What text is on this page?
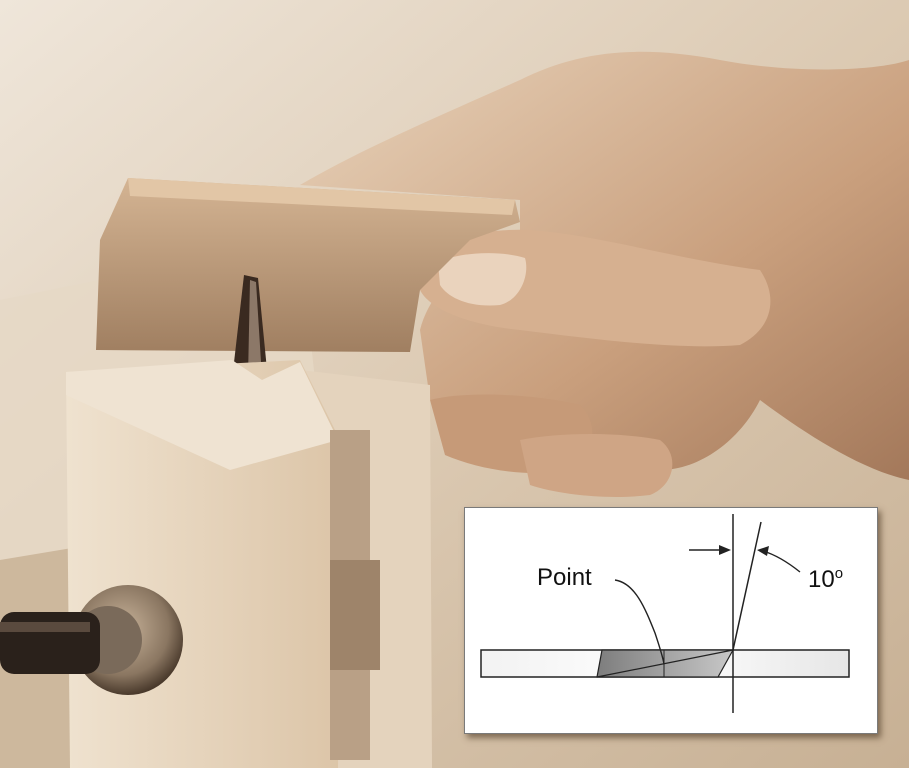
Point	10$^o$
